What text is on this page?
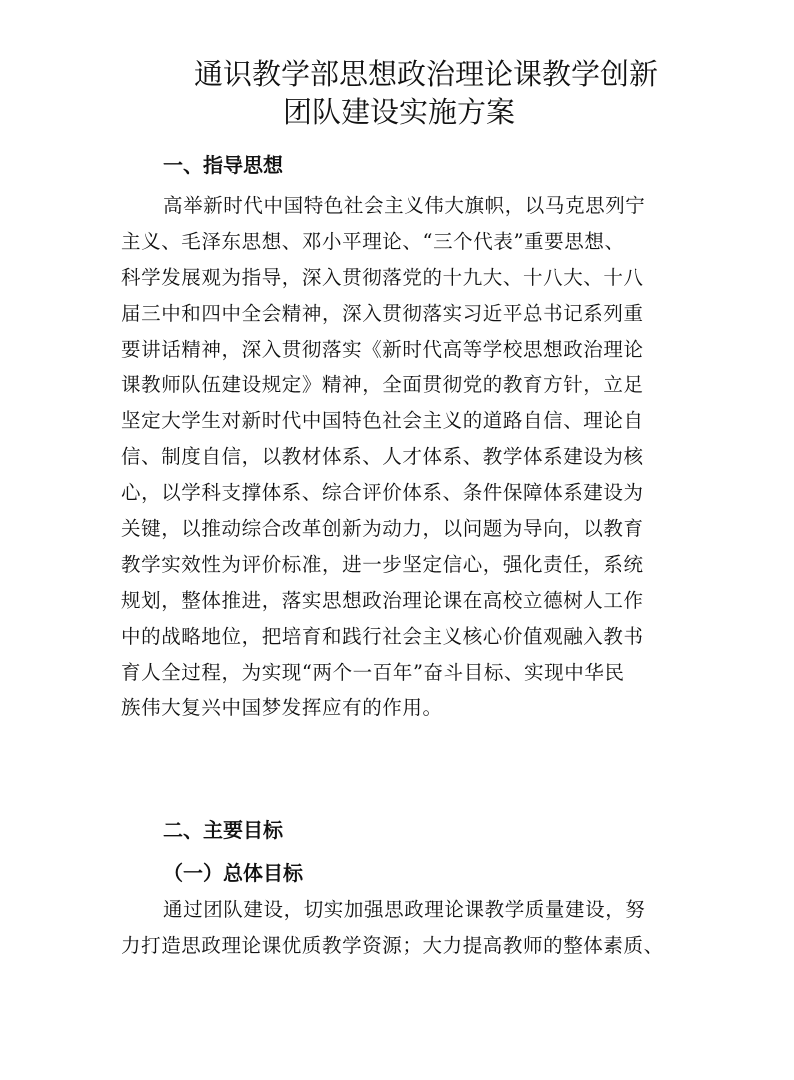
通识教学部思想政治理论课教学创新
团队建设实施方案
一、指导思想
高举新时代中国特色社会主义伟大旗帜，以马克思列宁
主义、毛泽东思想、邓小平理论、“三个代表”重要思想、
科学发展观为指导，深入贯彻落党的十九大、十八大、十八
届三中和四中全会精神，深入贯彻落实习近平总书记系列重
要讲话精神，深入贯彻落实《新时代高等学校思想政治理论
课教师队伍建设规定》精神，全面贯彻党的教育方针，立足
坚定大学生对新时代中国特色社会主义的道路自信、理论自
信、制度自信，以教材体系、人才体系、教学体系建设为核
心，以学科支撑体系、综合评价体系、条件保障体系建设为
关键，以推动综合改革创新为动力，以问题为导向，以教育
教学实效性为评价标准，进一步坚定信心，强化责任，系统
规划，整体推进，落实思想政治理论课在高校立德树人工作
中的战略地位，把培育和践行社会主义核心价值观融入教书
育人全过程，为实现“两个一百年”奋斗目标、实现中华民
族伟大复兴中国梦发挥应有的作用。
二、主要目标
（一）总体目标
通过团队建设，切实加强思政理论课教学质量建设，努
力打造思政理论课优质教学资源；大力提高教师的整体素质、
